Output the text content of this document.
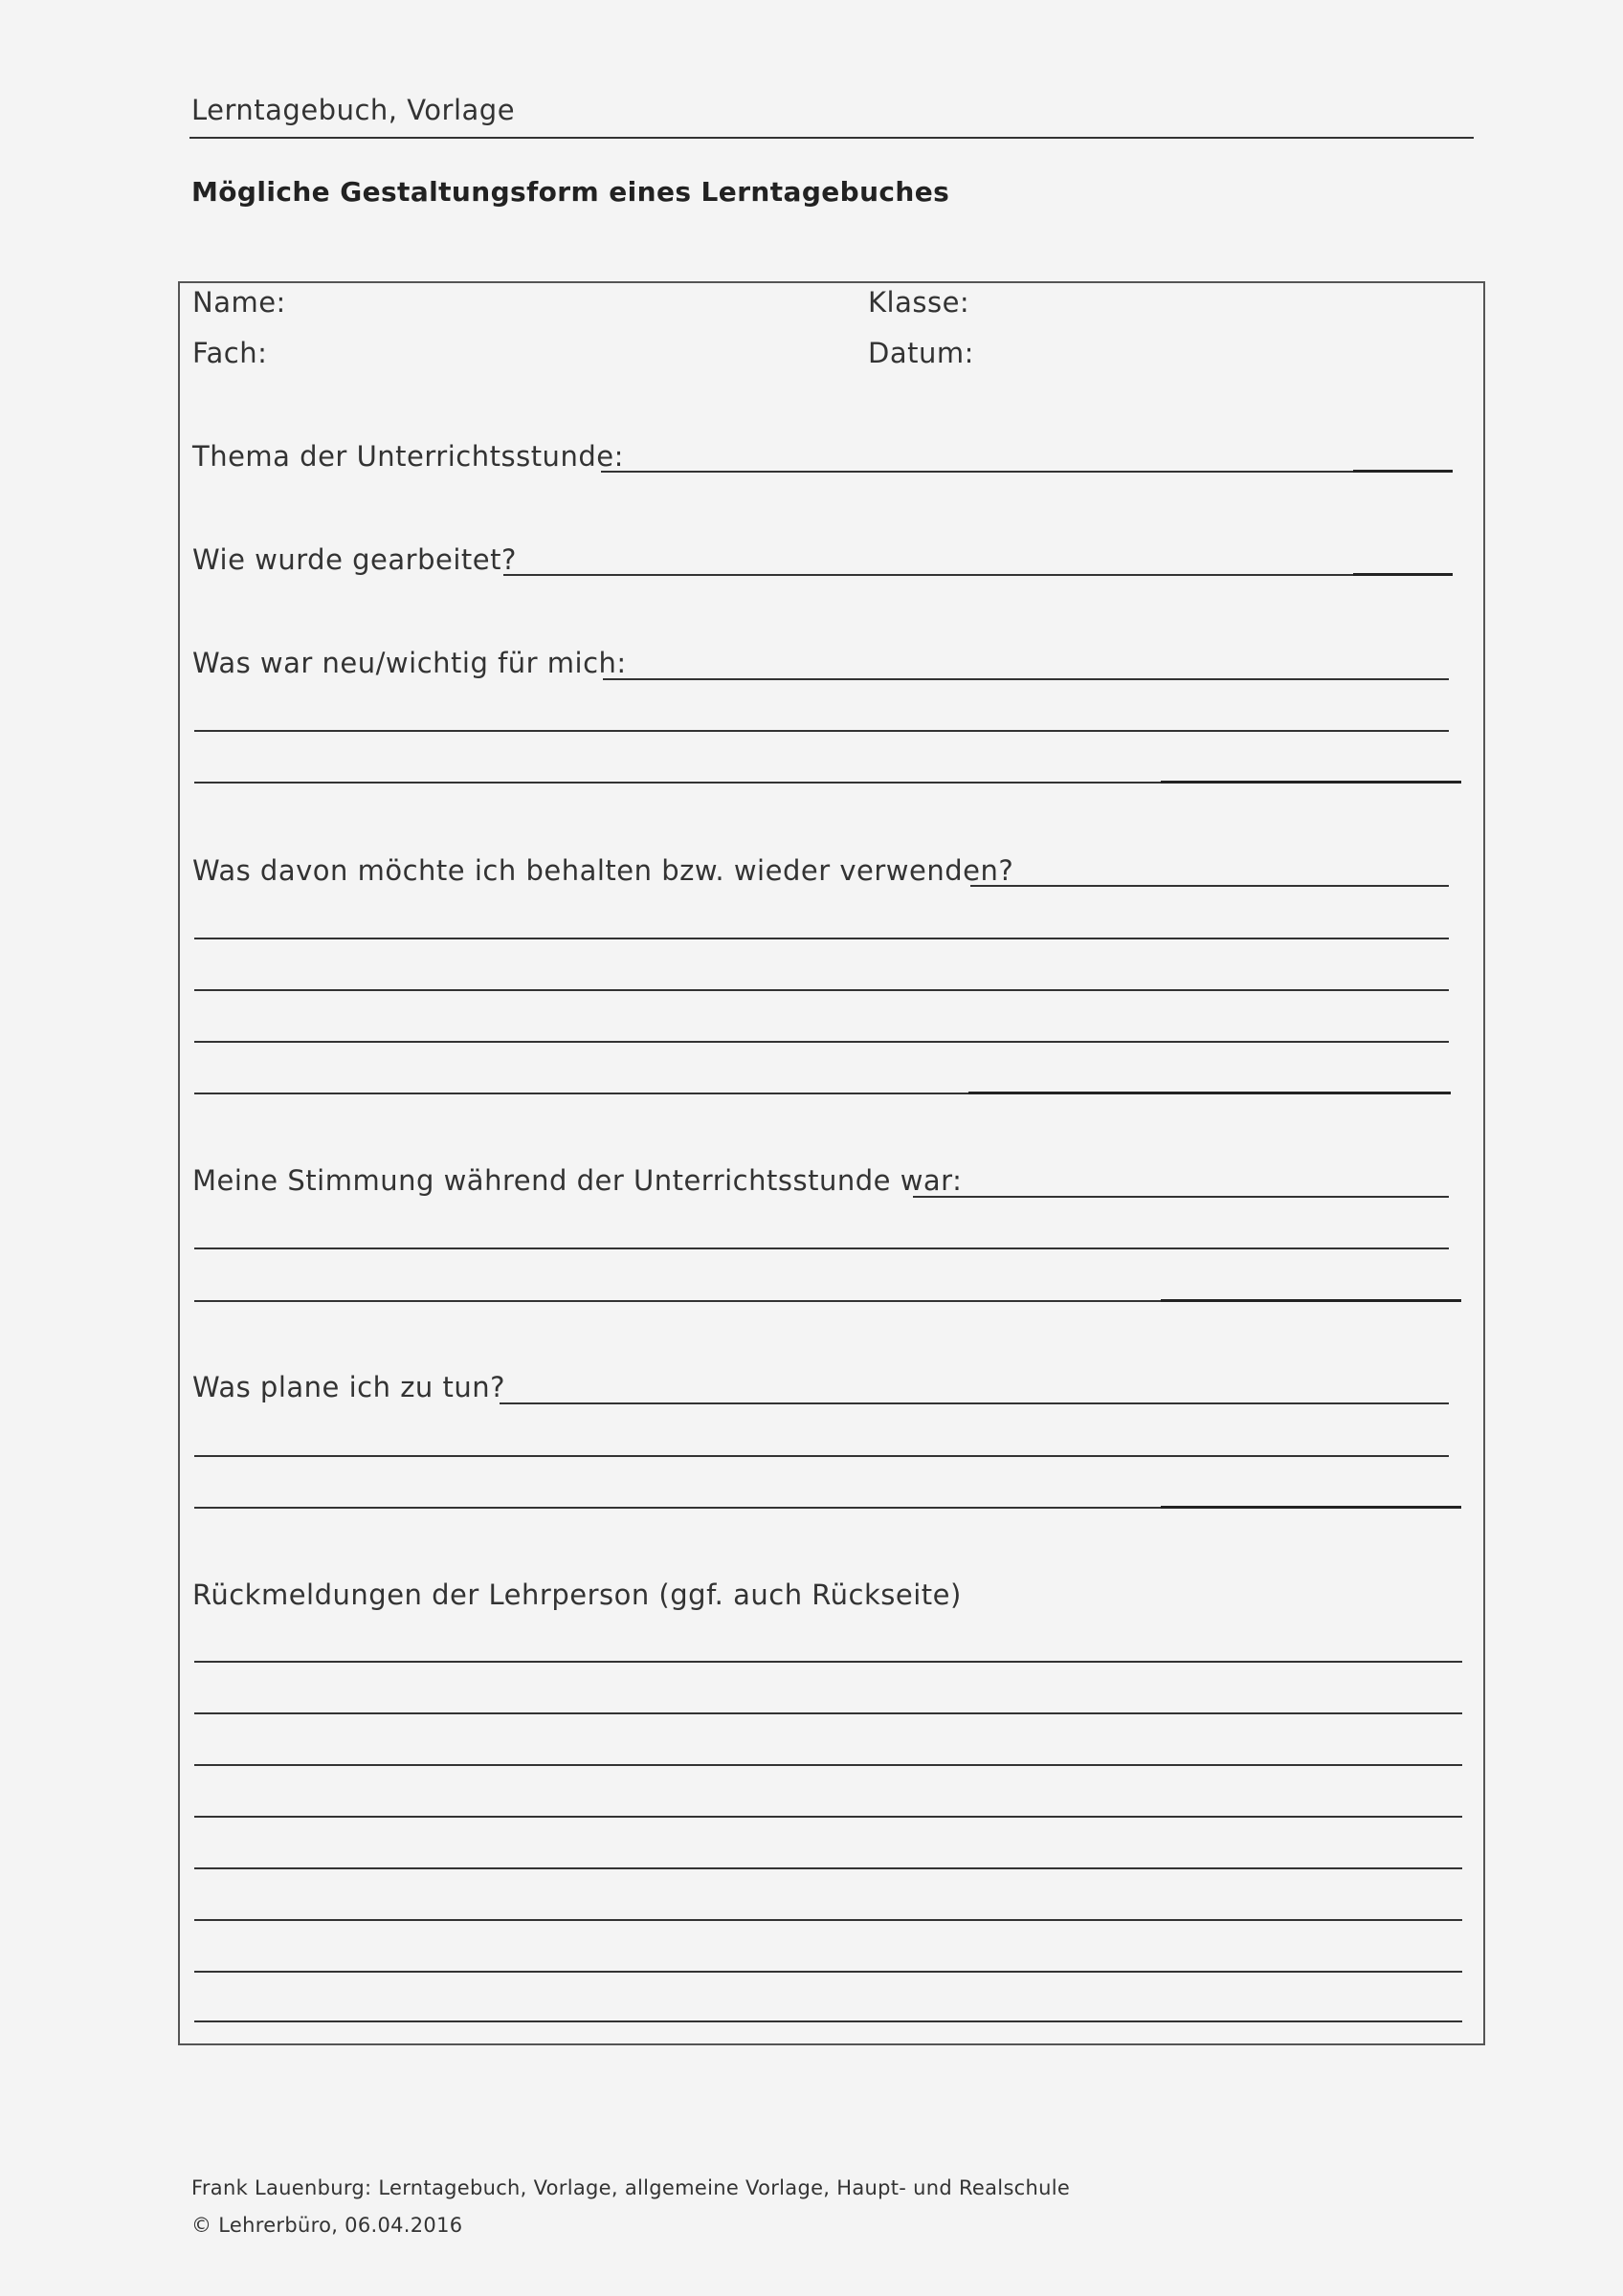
Lerntagebuch, Vorlage
Mögliche Gestaltungsform eines Lerntagebuches
Name:	Klasse:
Fach:	Datum:
Thema der Unterrichtsstunde:
Wie wurde gearbeitet?
Was war neu/wichtig für mich:
Was davon möchte ich behalten bzw. wieder verwenden?
Meine Stimmung während der Unterrichtsstunde war:
Was plane ich zu tun?
Rückmeldungen der Lehrperson (ggf. auch Rückseite)
Frank Lauenburg: Lerntagebuch, Vorlage, allgemeine Vorlage, Haupt- und Realschule
© Lehrerbüro, 06.04.2016
